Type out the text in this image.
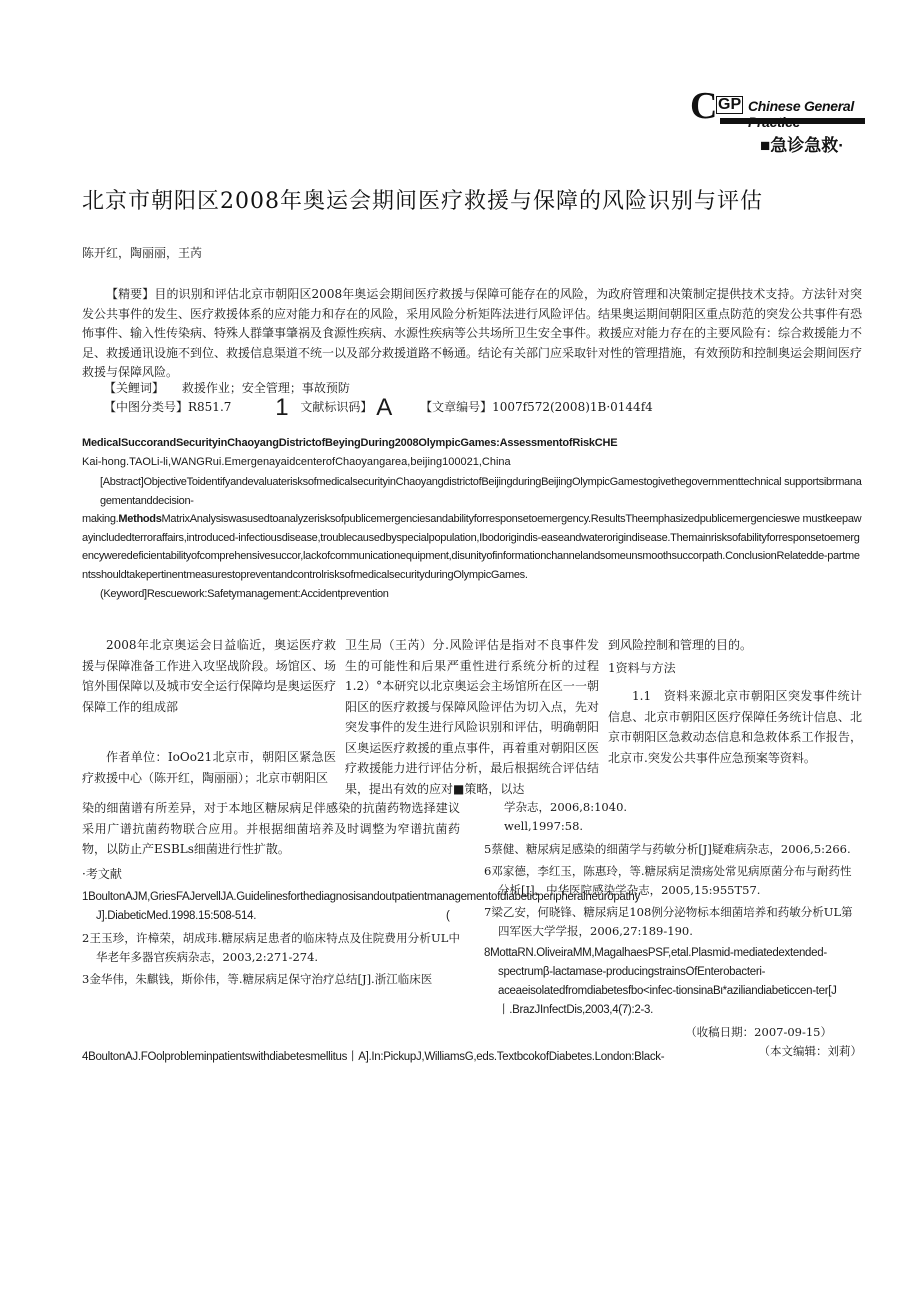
C GP Chinese General
■急诊急救·
北京市朝阳区2008年奥运会期间医疗救援与保障的风险识别与评估
陈开红，陶丽丽，王芮
【精要】目的识别和评估北京市朝阳区2008年奥运会期间医疗救援与保障可能存在的风险，为政府管理和决策制定提供技术支持。方法针对突发公共事件的发生、医疗救援体系的应对能力和存在的风险，采用风险分析矩阵法进行风险评估。结果奥运期间朝阳区重点防范的突发公共事件有恐怖事件、输入性传染病、特殊人群肇事肇祸及食源性疾病、水源性疾病等公共场所卫生安全事件。救援应对能力存在的主要风险有：综合救援能力不足、救援通讯设施不到位、救援信息渠道不统一以及部分救援道路不畅通。结论有关部门应采取针对性的管理措施，有效预防和控制奥运会期间医疗救援与保障风险。
【关鲤词】 救援作业；安全管理；事故预防
【中图分类号】R851.7 1 文献标识码】 A 【文章编号】1007f572(2008)1B·0144f4
MedicalSuccorandSecurityinChaoyangDistrictofBeyingDuring2008OlympicGames:AssessmentofRiskCHE
Kai-hong.TAOLi-li,WANGRui.EmergenayaidcenterofChaoyangarea,beijing100021,China
[Abstract]ObjectiveToidentifyandevaluaterisksofmedicalsecurityinChaoyangdistrictofBeijingduringBeijingOlympicGamestogivethegovernmenttechnical supportsibrmanagementanddecision-
making.MethodsMatrixAnalysiswasusedtoanalyzerisksofpublicemergenciesandabilityforresponsetoemergency.ResultsTheemphasizedpublicemergencieswe mustkeepawayincludedterroraffairs,introduced-infectiousdisease,troublecausedbyspecialpopulation,Ibodorigindis-easeandwaterorigindisease.Themainrisksofabilityforresponsetoemergencyweredeficientabilityofcomprehensivesuccor,lackofcommunicationequipment,disunityofinformationchannelandsomeunsmoothsuccorpath.ConclusionRelatedde-partmentsshouldtakepertinentmeasurestopreventandcontrolrisksofmedicalsecurityduringOlympicGames.
(Keyword]Rescuework:Safetymanagement:Accidentprevention

2008年北京奥运会日益临近，奥运医疗救援与保障准备工作进入攻坚战阶段。场馆区、场馆外围保障以及城市安全运行保障均是奥运医疗保障工作的组成部

作者单位：IoOo21北京市，朝阳区紧急医疗救援中心（陈开红，陶丽丽）；北京市朝阳区

卫生局（王芮）分.风险评估是指对不良事件发生的可能性和后果严重性进行系统分析的过程1.2）°本研究以北京奥运会主场馆所在区一一朝阳区的医疗救援与保障风险评估为切入点，先对突发事件的发生进行风险识别和评估，明确朝阳区奥运医疗救援的重点事件，再着重对朝阳区医疗救援能力进行评估分析，最后根据统合评估结果，提出有效的应对■策略，以达

到风险控制和管理的目的。

1资料与方法

1.1　资料来源北京市朝阳区突发事件统计信息、北京市朝阳区医疗保障任务统计信息、北京市朝阳区急救动态信息和急救体系工作报告，北京市.突发公共事件应急预案等资料。

染的细菌谱有所差异，对于本地区糖尿病足伴感染的抗菌药物选择建议采用广谱抗菌药物联合应用。并根据细菌培养及时调整为窄谱抗菌药物，以防止产ESBLs细菌进行性扩散。

·考文献

1BoultonAJM,GriesFAJervellJA.Guidelinesforthediagnosisandoutpatientmanagementofdiabeticperipheralneuropathy
(
J].DiabeticMed.1998.15:508-514.
2王玉珍，许樟荣，胡成玮.糖尿病足患者的临床特点及住院费用分析UL中华老年多器官疾病杂志，2003,2:271-274.
3金华伟，朱麒钱，斯伱伟，等.糖尿病足保守治疗总结[J].浙江临床医
学杂志，2006,8:1040.
well,1997:58.
5蔡健、糖尿病足感染的细菌学与药敏分析[J]疑难病杂志，2006,5:266.
6邓家德，李红玉，陈惠玲，等.糖尿病足溃疡处常见病原菌分布与耐药性分析[J]、中华医院感染学杂志，2005,15:955T57.
7梁乙安，何晓锋、糖尿病足108例分泌物标本细菌培养和药敏分析UL第四军医大学学报，2006,27:189-190.
8MottaRN.OliveiraMM,MagalhaesPSF,etal.Plasmid-mediatedextended-spectrumβ-lactamase-producingstrainsOfEnterobacteri-aceaeisolatedfromdiabetesfbo<infec-tionsinaBι*aziliandiabeticcen-ter[J丨.BrazJInfectDis,2003,4(7):2-3.
（收稿日期：2007-09-15）
（本文编辑：刘莉）
4BoultonAJ.FOolprobleminpatientswithdiabetesmellitus丨A].In:PickupJ,WilliamsG,eds.TextbcokofDiabetes.London:Black-
